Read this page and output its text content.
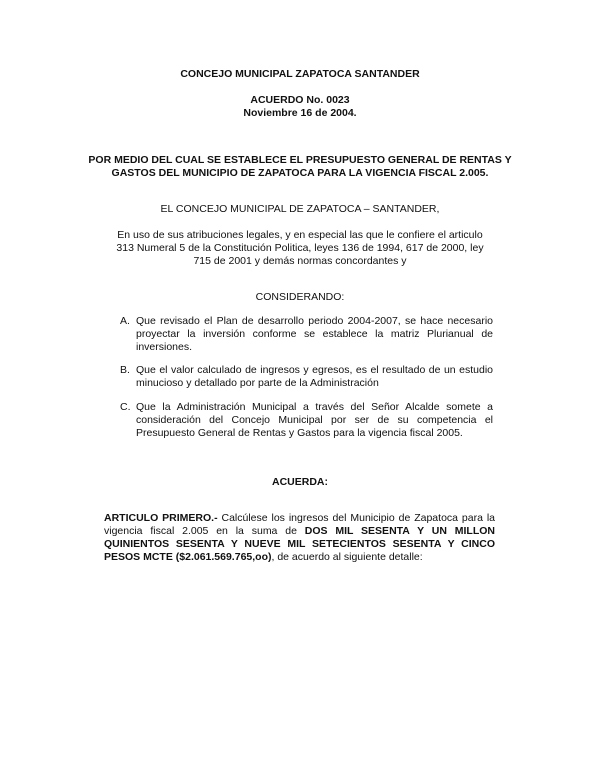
CONCEJO MUNICIPAL ZAPATOCA SANTANDER
ACUERDO No. 0023
Noviembre 16 de 2004.
POR MEDIO DEL CUAL SE ESTABLECE EL PRESUPUESTO GENERAL DE RENTAS Y
GASTOS DEL MUNICIPIO DE ZAPATOCA PARA LA VIGENCIA FISCAL 2.005.
EL CONCEJO MUNICIPAL DE ZAPATOCA – SANTANDER,
En uso de sus atribuciones legales, y en especial las que le confiere el articulo
313 Numeral 5 de la Constitución Politica, leyes 136 de 1994, 617 de 2000, ley
715 de 2001 y demás normas concordantes y
CONSIDERANDO:
A. Que revisado el Plan de desarrollo periodo 2004-2007, se hace necesario proyectar la inversión conforme se establece la matriz Plurianual de inversiones.
B. Que el valor calculado de ingresos y egresos, es el resultado de un estudio minucioso y detallado por parte de la Administración
C. Que la Administración Municipal a través del Señor Alcalde somete a consideración del Concejo Municipal por ser de su competencia el Presupuesto General de Rentas y Gastos para la vigencia fiscal 2005.
ACUERDA:
ARTICULO PRIMERO.- Calcúlese los ingresos del Municipio de Zapatoca para la vigencia fiscal 2.005 en la suma de DOS MIL SESENTA Y UN MILLON QUINIENTOS SESENTA Y NUEVE MIL SETECIENTOS SESENTA Y CINCO PESOS MCTE ($2.061.569.765,oo), de acuerdo al siguiente detalle:
